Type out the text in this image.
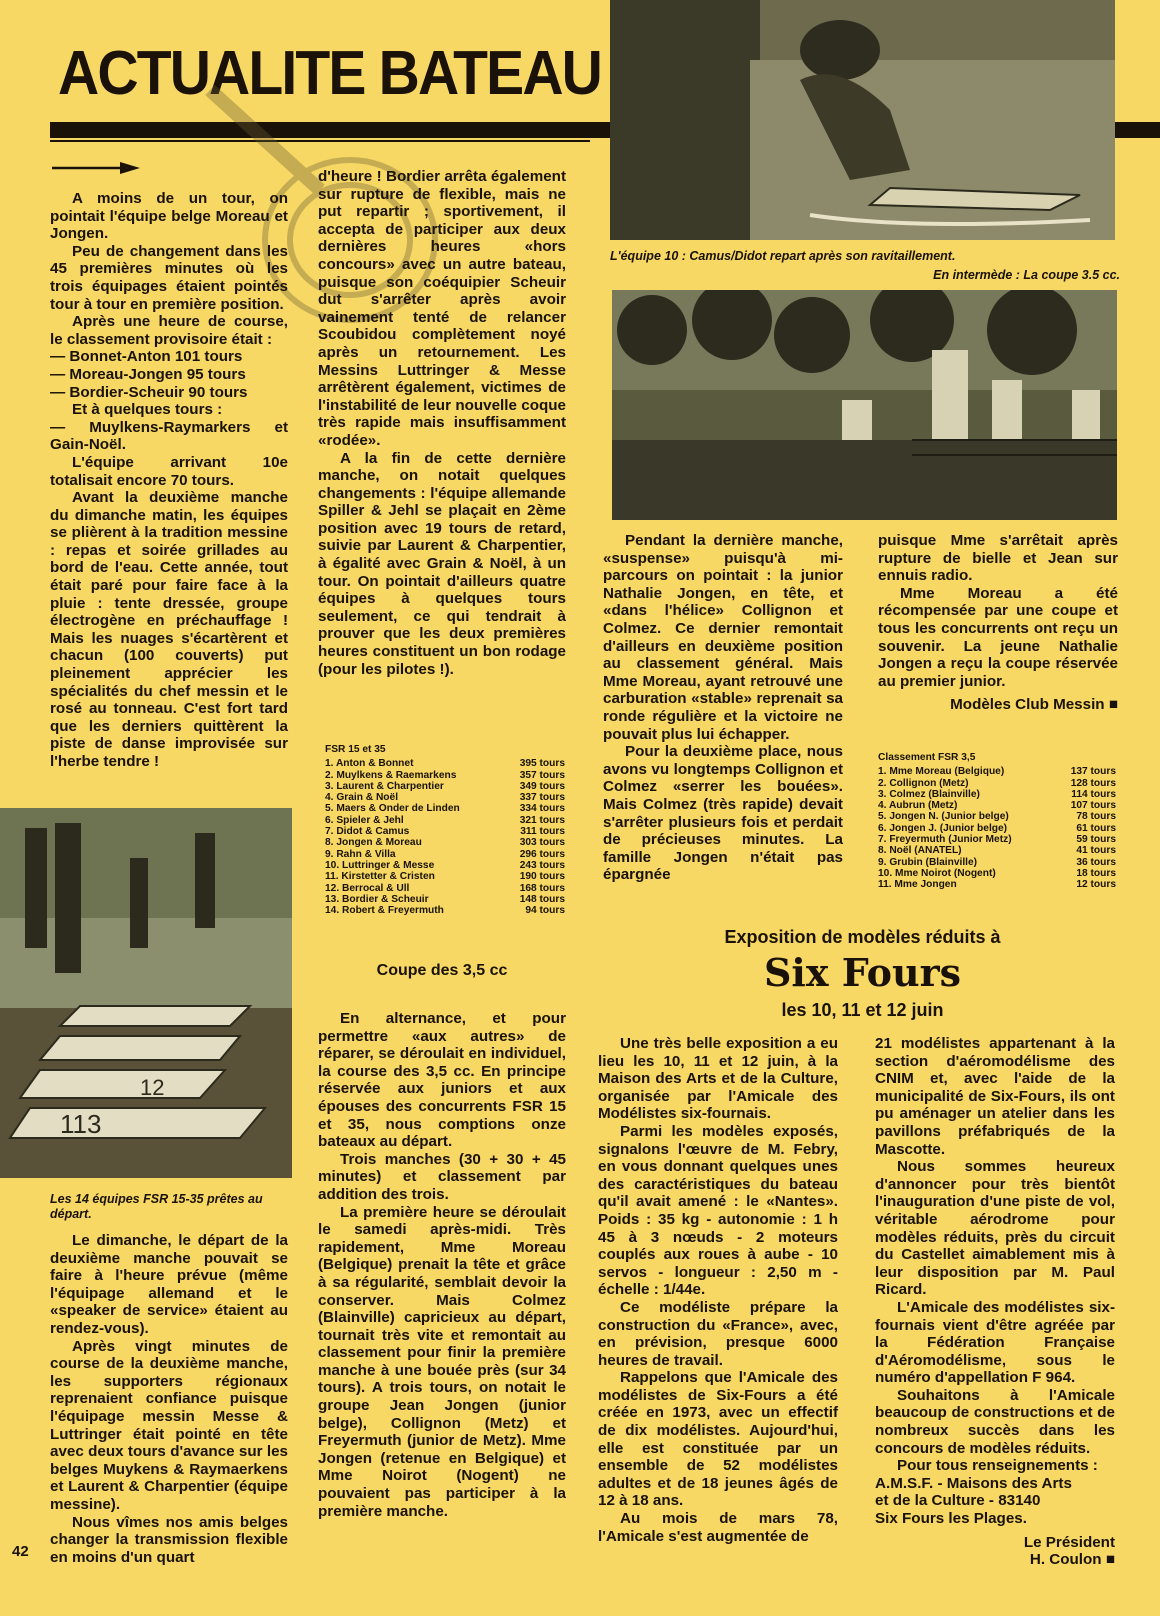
ACTUALITE BATEAU

A moins de un tour, on pointait l'équipe belge Moreau et Jongen.

Peu de changement dans les 45 premières minutes où les trois équipages étaient pointés tour à tour en première position.

Après une heure de course, le classement provisoire était :

— Bonnet-Anton 101 tours

— Moreau-Jongen 95 tours

— Bordier-Scheuir 90 tours

Et à quelques tours :

— Muylkens-Raymarkers et Gain-Noël.

L'équipe arrivant 10e totalisait encore 70 tours.

Avant la deuxième manche du dimanche matin, les équipes se plièrent à la tradition messine : repas et soirée grillades au bord de l'eau. Cette année, tout était paré pour faire face à la pluie : tente dressée, groupe électrogène en préchauffage ! Mais les nuages s'écartèrent et chacun (100 couverts) put pleinement apprécier les spécialités du chef messin et le rosé au tonneau. C'est fort tard que les derniers quittèrent la piste de danse improvisée sur l'herbe tendre !

113
12
Les 14 équipes FSR 15-35 prêtes au départ.

Le dimanche, le départ de la deuxième manche pouvait se faire à l'heure prévue (même l'équipage allemand et le «speaker de service» étaient au rendez-vous).

Après vingt minutes de course de la deuxième manche, les supporters régionaux reprenaient confiance puisque l'équipage messin Messe & Luttringer était pointé en tête avec deux tours d'avance sur les belges Muykens & Raymaerkens et Laurent & Charpentier (équipe messine).

Nous vîmes nos amis belges changer la transmission flexible en moins d'un quart

42

d'heure ! Bordier arrêta également sur rupture de flexible, mais ne put repartir ; sportivement, il accepta de participer aux deux dernières heures «hors concours» avec un autre bateau, puisque son coéquipier Scheuir dut s'arrêter après avoir vainement tenté de relancer Scoubidou complètement noyé après un retournement. Les Messins Luttringer & Messe arrêtèrent également, victimes de l'instabilité de leur nouvelle coque très rapide mais insuffisamment «rodée».

A la fin de cette dernière manche, on notait quelques changements : l'équipe allemande Spiller & Jehl se plaçait en 2ème position avec 19 tours de retard, suivie par Laurent & Charpentier, à égalité avec Grain & Noël, à un tour. On pointait d'ailleurs quatre équipes à quelques tours seulement, ce qui tendrait à prouver que les deux premières heures constituent un bon rodage (pour les pilotes !).

FSR 15 et 35
1. Anton & Bonnet	395 tours
2. Muylkens & Raemarkens	357 tours
3. Laurent & Charpentier	349 tours
4. Grain & Noël	337 tours
5. Maers & Onder de Linden	334 tours
6. Spieler & Jehl	321 tours
7. Didot & Camus	311 tours
8. Jongen & Moreau	303 tours
9. Rahn & Villa	296 tours
10. Luttringer & Messe	243 tours
11. Kirstetter & Cristen	190 tours
12. Berrocal & Ull	168 tours
13. Bordier & Scheuir	148 tours
14. Robert & Freyermuth	94 tours
Coupe des 3,5 cc

En alternance, et pour permettre «aux autres» de réparer, se déroulait en individuel, la course des 3,5 cc. En principe réservée aux juniors et aux épouses des concurrents FSR 15 et 35, nous comptions onze bateaux au départ.

Trois manches (30 + 30 + 45 minutes) et classement par addition des trois.

La première heure se déroulait le samedi après-midi. Très rapidement, Mme Moreau (Belgique) prenait la tête et grâce à sa régularité, semblait devoir la conserver. Mais Colmez (Blainville) capricieux au départ, tournait très vite et remontait au classement pour finir la première manche à une bouée près (sur 34 tours). A trois tours, on notait le groupe Jean Jongen (junior belge), Collignon (Metz) et Freyermuth (junior de Metz). Mme Jongen (retenue en Belgique) et Mme Noirot (Nogent) ne pouvaient pas participer à la première manche.

L'équipe 10 : Camus/Didot repart après son ravitaillement.
En intermède : La coupe 3.5 cc.

Pendant la dernière manche, «suspense» puisqu'à mi-parcours on pointait : la junior Nathalie Jongen, en tête, et «dans l'hélice» Collignon et Colmez. Ce dernier remontait d'ailleurs en deuxième position au classement général. Mais Mme Moreau, ayant retrouvé une carburation «stable» reprenait sa ronde régulière et la victoire ne pouvait plus lui échapper.

Pour la deuxième place, nous avons vu longtemps Collignon et Colmez «serrer les bouées». Mais Colmez (très rapide) devait s'arrêter plusieurs fois et perdait de précieuses minutes. La famille Jongen n'était pas épargnée

puisque Mme s'arrêtait après rupture de bielle et Jean sur ennuis radio.

Mme Moreau a été récompensée par une coupe et tous les concurrents ont reçu un souvenir. La jeune Nathalie Jongen a reçu la coupe réservée au premier junior.

Modèles Club Messin ■

Classement FSR 3,5
1. Mme Moreau (Belgique)	137 tours
2. Collignon (Metz)	128 tours
3. Colmez (Blainville)	114 tours
4. Aubrun (Metz)	107 tours
5. Jongen N. (Junior belge)	78 tours
6. Jongen J. (Junior belge)	61 tours
7. Freyermuth (Junior Metz)	59 tours
8. Noël (ANATEL)	41 tours
9. Grubin (Blainville)	36 tours
10. Mme Noirot (Nogent)	18 tours
11. Mme Jongen	12 tours
Exposition de modèles réduits à
Six Fours
les 10, 11 et 12 juin

Une très belle exposition a eu lieu les 10, 11 et 12 juin, à la Maison des Arts et de la Culture, organisée par l'Amicale des Modélistes six-fournais.

Parmi les modèles exposés, signalons l'œuvre de M. Febry, en vous donnant quelques unes des caractéristiques du bateau qu'il avait amené : le «Nantes». Poids : 35 kg - autonomie : 1 h 45 à 3 nœuds - 2 moteurs couplés aux roues à aube - 10 servos - longueur : 2,50 m - échelle : 1/44e.

Ce modéliste prépare la construction du «France», avec, en prévision, presque 6000 heures de travail.

Rappelons que l'Amicale des modélistes de Six-Fours a été créée en 1973, avec un effectif de dix modélistes. Aujourd'hui, elle est constituée par un ensemble de 52 modélistes adultes et de 18 jeunes âgés de 12 à 18 ans.

Au mois de mars 78, l'Amicale s'est augmentée de

21 modélistes appartenant à la section d'aéromodélisme des CNIM et, avec l'aide de la municipalité de Six-Fours, ils ont pu aménager un atelier dans les pavillons préfabriqués de la Mascotte.

Nous sommes heureux d'annoncer pour très bientôt l'inauguration d'une piste de vol, véritable aérodrome pour modèles réduits, près du circuit du Castellet aimablement mis à leur disposition par M. Paul Ricard.

L'Amicale des modélistes six-fournais vient d'être agréée par la Fédération Française d'Aéromodélisme, sous le numéro d'appellation F 964.

Souhaitons à l'Amicale beaucoup de constructions et de nombreux succès dans les concours de modèles réduits.

Pour tous renseignements :

A.M.S.F. - Maisons des Arts

et de la Culture - 83140

Six Fours les Plages.

Le Président

H. Coulon ■
